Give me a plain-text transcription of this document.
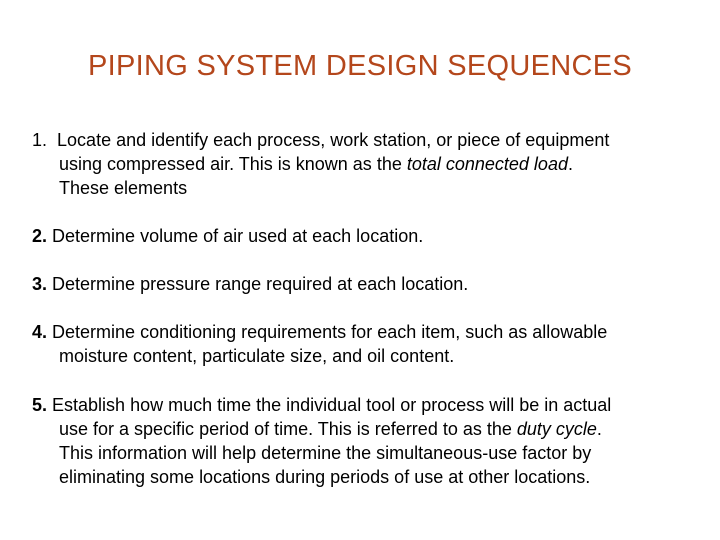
PIPING SYSTEM DESIGN SEQUENCES
1. Locate and identify each process, work station, or piece of equipment
using compressed air. This is known as the total connected load.
These elements
2. Determine volume of air used at each location.
3. Determine pressure range required at each location.
4. Determine conditioning requirements for each item, such as allowable
moisture content, particulate size, and oil content.
5. Establish how much time the individual tool or process will be in actual
use for a specific period of time. This is referred to as the duty cycle.
This information will help determine the simultaneous-use factor by
eliminating some locations during periods of use at other locations.
